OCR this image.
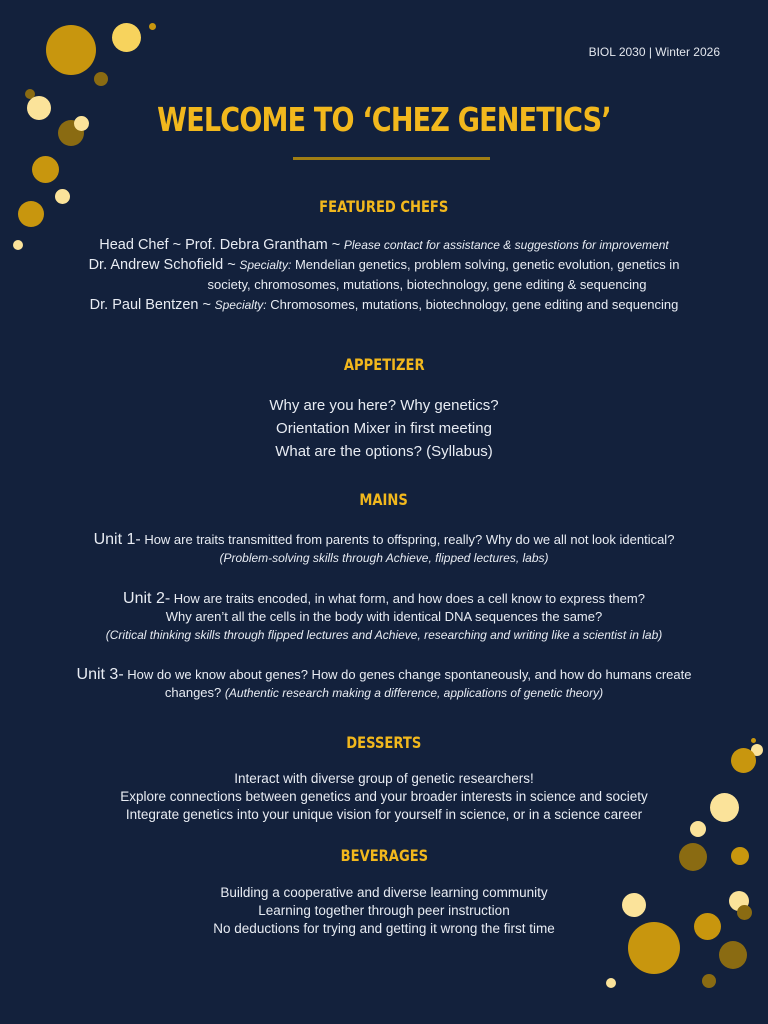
BIOL 2030 | Winter 2026
WELCOME TO ‘CHEZ GENETICS’
FEATURED CHEFS
Head Chef ~ Prof. Debra Grantham ~ Please contact for assistance & suggestions for improvement
Dr. Andrew Schofield ~ Specialty: Mendelian genetics, problem solving, genetic evolution, genetics in
society, chromosomes, mutations, biotechnology, gene editing & sequencing
Dr. Paul Bentzen ~ Specialty: Chromosomes, mutations, biotechnology, gene editing and sequencing
APPETIZER
Why are you here? Why genetics?
Orientation Mixer in first meeting
What are the options? (Syllabus)
MAINS
Unit 1- How are traits transmitted from parents to offspring, really? Why do we all not look identical?
(Problem-solving skills through Achieve, flipped lectures, labs)
Unit 2- How are traits encoded, in what form, and how does a cell know to express them?
Why aren’t all the cells in the body with identical DNA sequences the same?
(Critical thinking skills through flipped lectures and Achieve, researching and writing like a scientist in lab)
Unit 3- How do we know about genes? How do genes change spontaneously, and how do humans create
changes? (Authentic research making a difference, applications of genetic theory)
DESSERTS
Interact with diverse group of genetic researchers!
Explore connections between genetics and your broader interests in science and society
Integrate genetics into your unique vision for yourself in science, or in a science career
BEVERAGES
Building a cooperative and diverse learning community
Learning together through peer instruction
No deductions for trying and getting it wrong the first time
